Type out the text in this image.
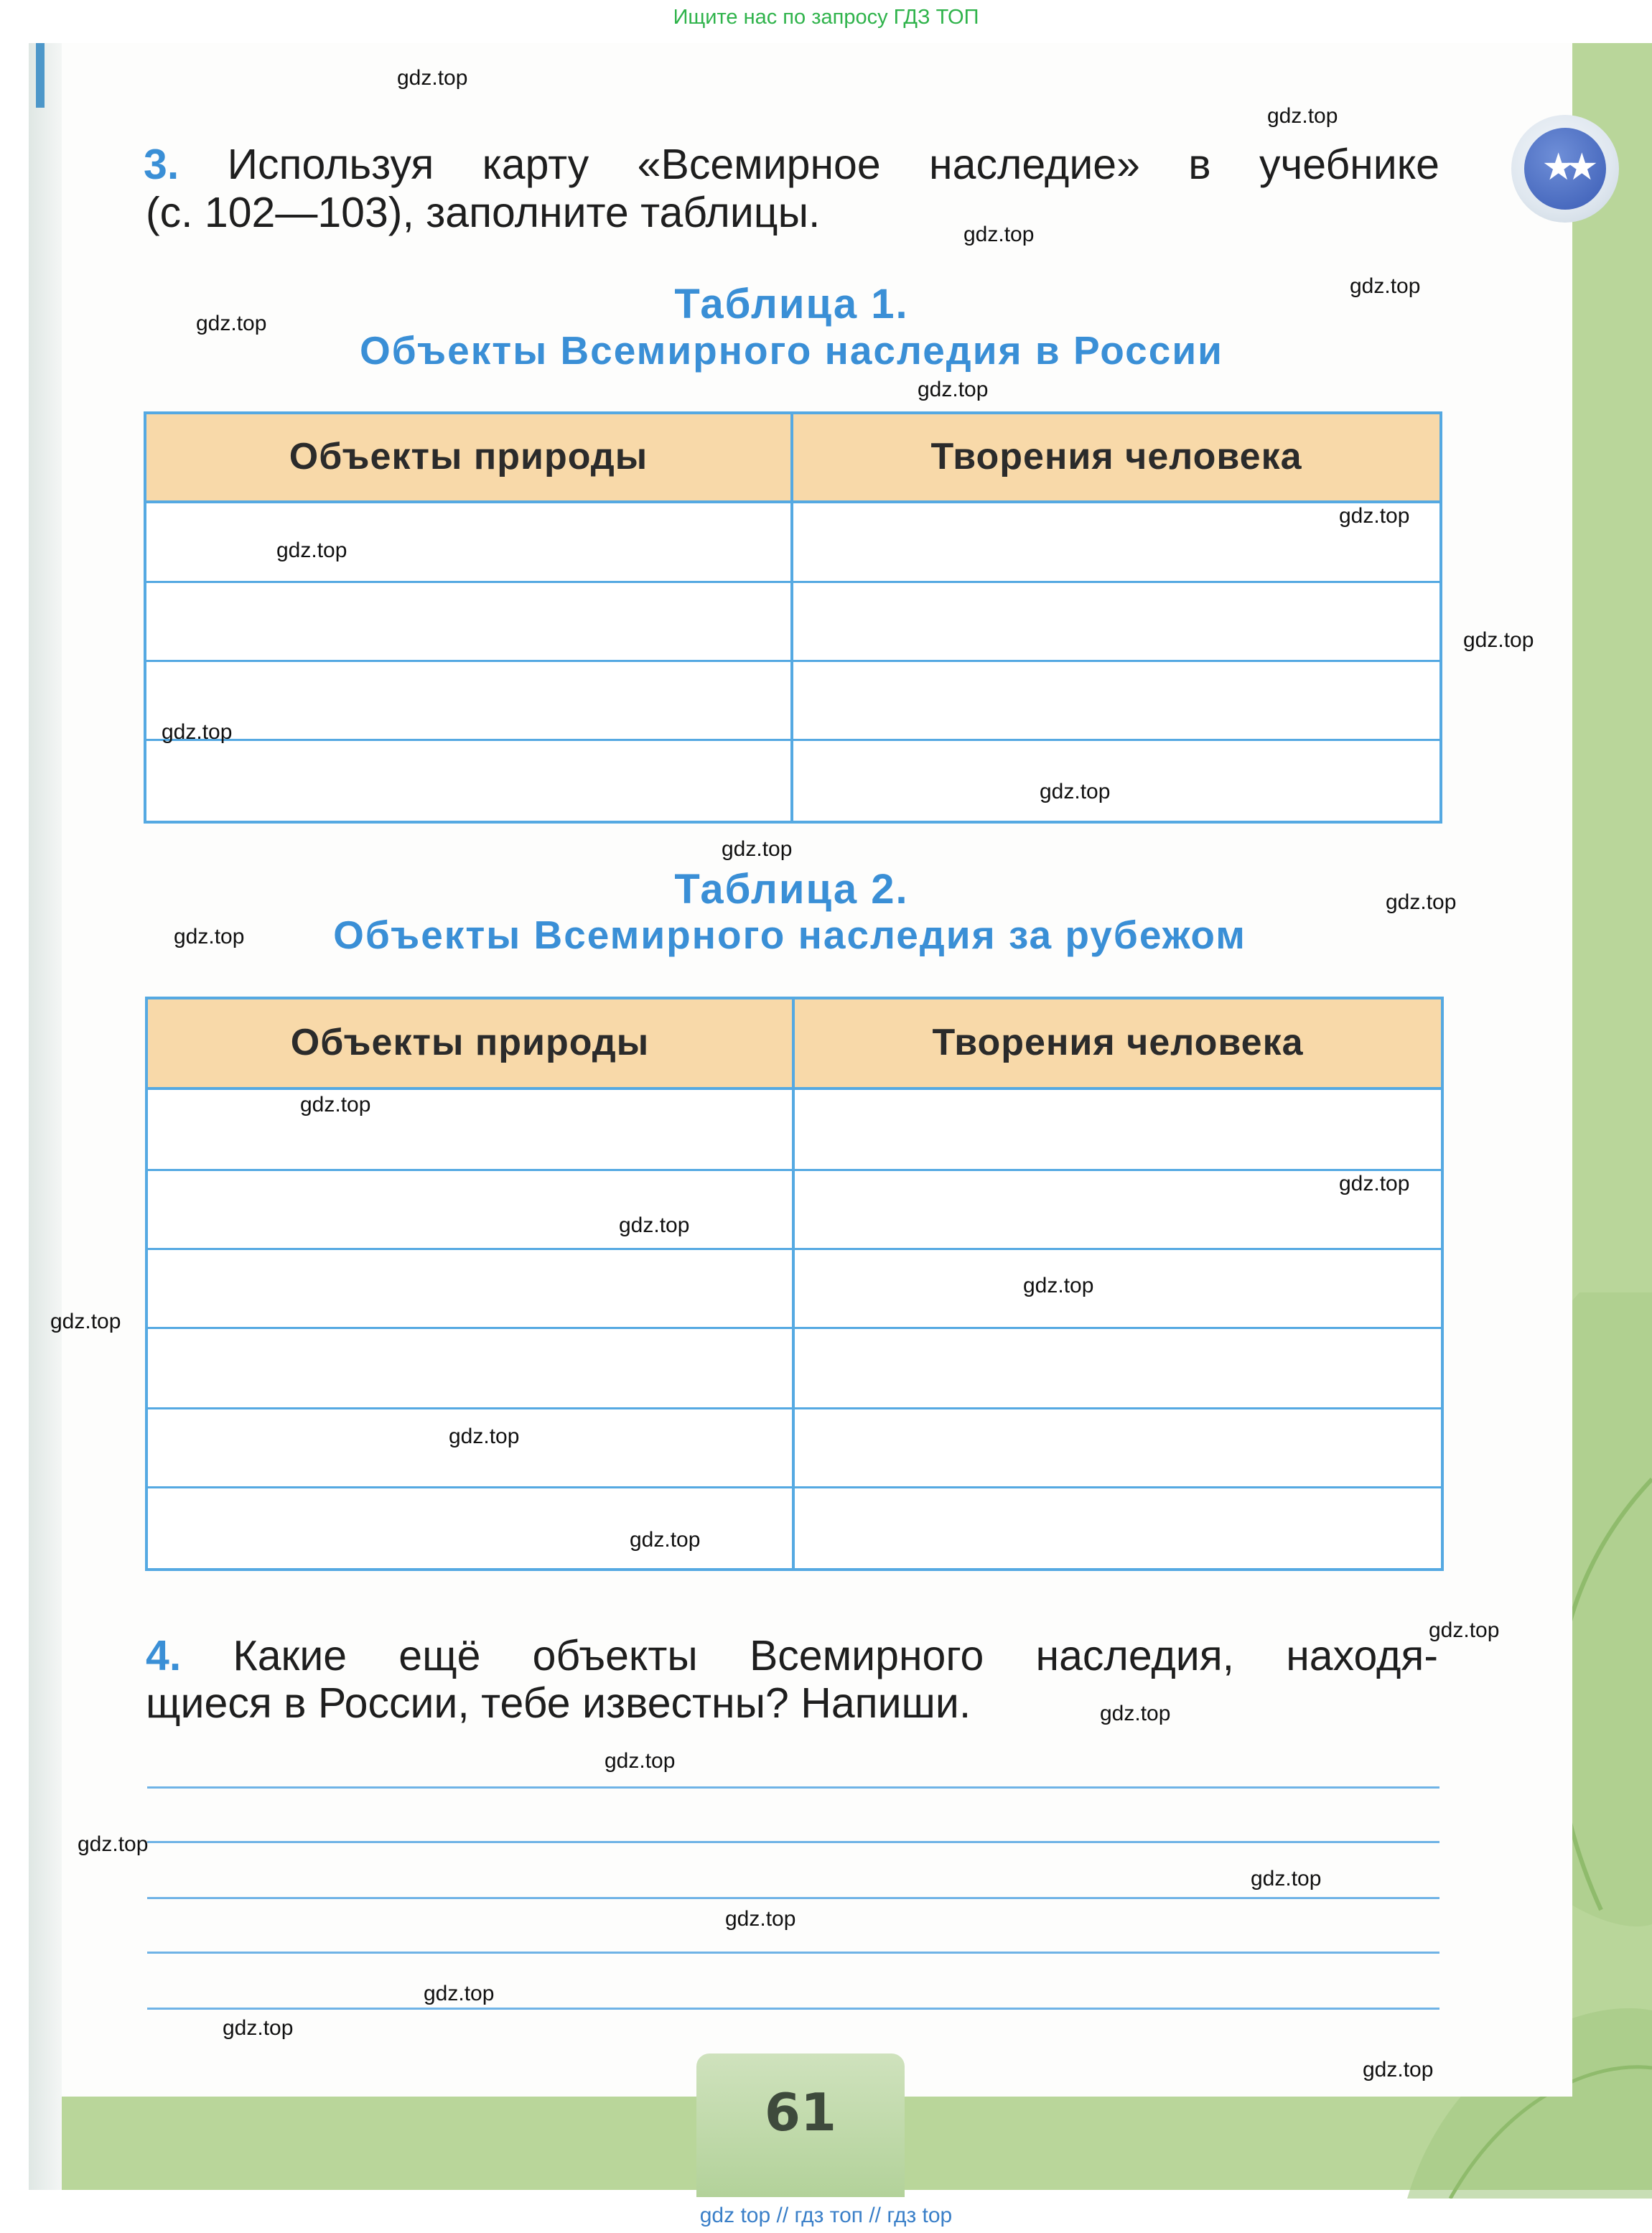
Ищите нас по запросу ГДЗ ТОП
★★
3. Используя карту «Всемирное наследие» в учебнике
(с. 102—103), заполните таблицы.
Таблица 1.
Объекты Всемирного наследия в России
Объекты природы	Творения человека
Таблица 2.
Объекты Всемирного наследия за рубежом
Объекты природы	Творения человека
4. Какие ещё объекты Всемирного наследия, находя-
щиеся в России, тебе известны? Напиши.
61
gdz.top
gdz.top
gdz.top
gdz.top
gdz.top
gdz.top
gdz.top
gdz.top
gdz.top
gdz.top
gdz.top
gdz.top
gdz.top
gdz.top
gdz.top
gdz.top
gdz.top
gdz.top
gdz.top
gdz.top
gdz.top
gdz.top
gdz.top
gdz.top
gdz.top
gdz.top
gdz.top
gdz.top
gdz.top
gdz.top
gdz top // гдз топ // гдз top
